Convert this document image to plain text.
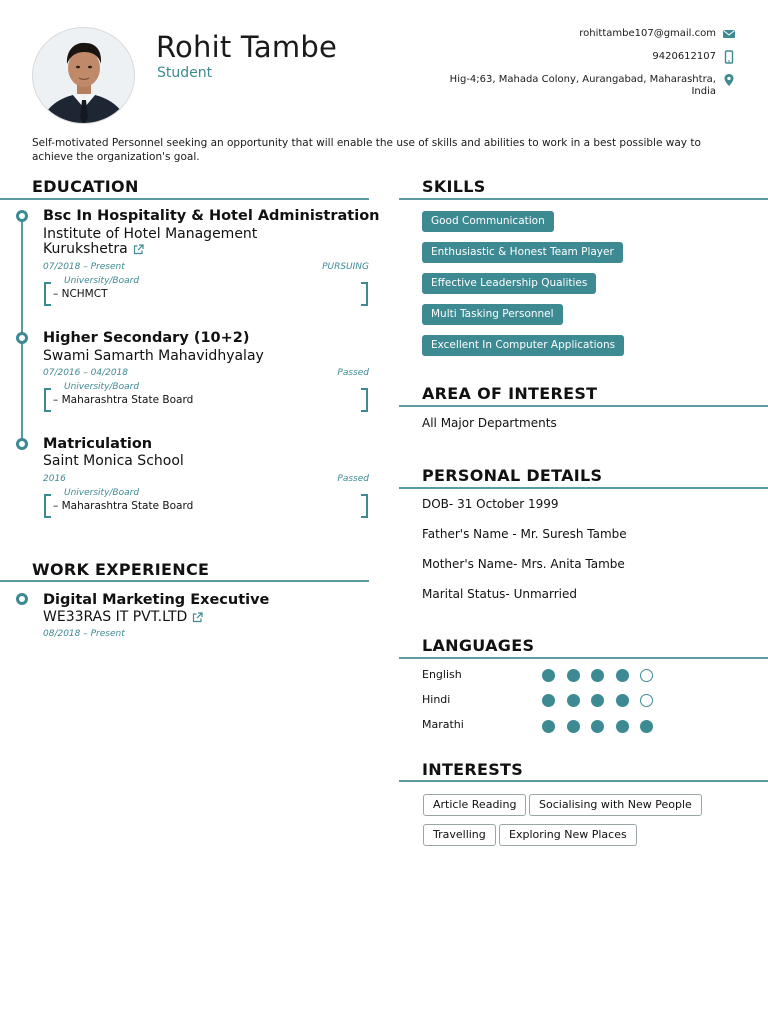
Rohit Tambe
Student
rohittambe107@gmail.com
9420612107
Hig-4;63, Mahada Colony, Aurangabad, Maharashtra,
India
Self-motivated Personnel seeking an opportunity that will enable the use of skills and abilities to work in a best possible way to achieve the organization's goal.
EDUCATION
Bsc In Hospitality & Hotel Administration
Institute of Hotel Management
Kurukshetra
07/2018 – Present	PURSUING
University/Board
– NCHMCT
Higher Secondary (10+2)
Swami Samarth Mahavidhyalay
07/2016 – 04/2018	Passed
University/Board
– Maharashtra State Board
Matriculation
Saint Monica School
2016	Passed
University/Board
– Maharashtra State Board
WORK EXPERIENCE
Digital Marketing Executive
WE33RAS IT PVT.LTD
08/2018 – Present
SKILLS
Good Communication
Enthusiastic & Honest Team Player
Effective Leadership Qualities
Multi Tasking Personnel
Excellent In Computer Applications
AREA OF INTEREST
All Major Departments
PERSONAL DETAILS
DOB- 31 October 1999
Father's Name - Mr. Suresh Tambe
Mother's Name- Mrs. Anita Tambe
Marital Status- Unmarried
LANGUAGES
English
Hindi
Marathi
INTERESTS
Article Reading	Socialising with New People
Travelling	Exploring New Places
